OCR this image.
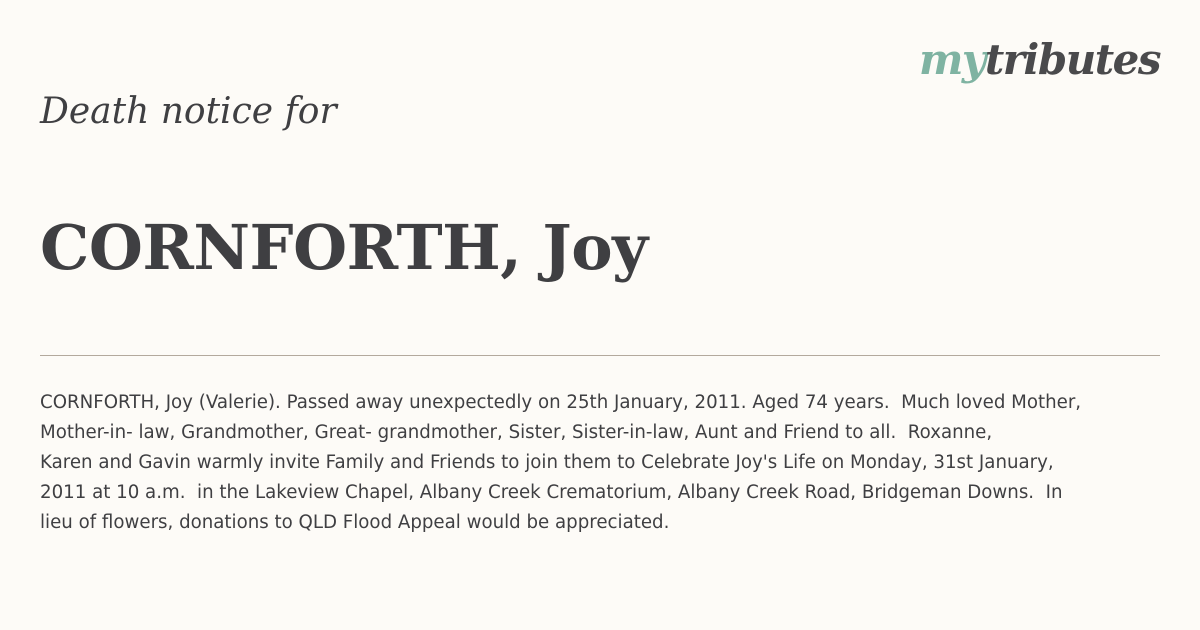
mytributes
Death notice for
CORNFORTH, Joy

CORNFORTH, Joy (Valerie). Passed away unexpectedly on 25th January, 2011. Aged 74 years.  Much loved Mother,
Mother-in- law, Grandmother, Great- grandmother, Sister, Sister-in-law, Aunt and Friend to all.  Roxanne,
Karen and Gavin warmly invite Family and Friends to join them to Celebrate Joy's Life on Monday, 31st January,
2011 at 10 a.m.  in the Lakeview Chapel, Albany Creek Crematorium, Albany Creek Road, Bridgeman Downs.  In
lieu of flowers, donations to QLD Flood Appeal would be appreciated.
